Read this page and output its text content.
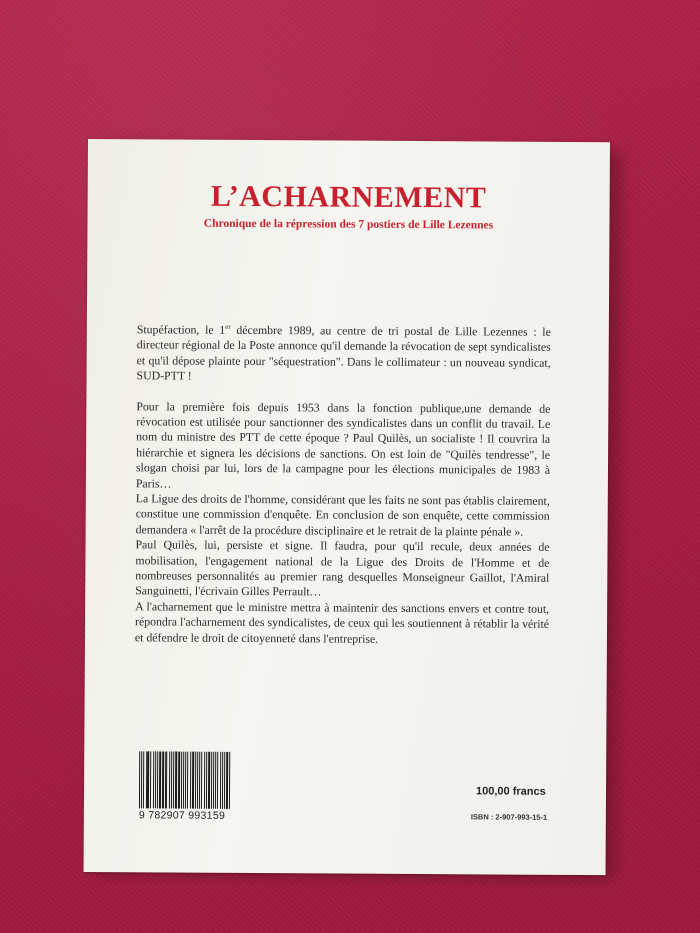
L’ACHARNEMENT
Chronique de la répression des 7 postiers de Lille Lezennes

Stupéfaction, le 1er décembre 1989, au centre de tri postal de Lille Lezennes : le directeur régional de la Poste annonce qu'il demande la révocation de sept syndicalistes et qu'il dépose plainte pour "séquestration". Dans le collimateur : un nouveau syndicat, SUD-PTT !

Pour la première fois depuis 1953 dans la fonction publique,une demande de révocation est utilisée pour sanctionner des syndicalistes dans un conflit du travail. Le nom du ministre des PTT de cette époque ? Paul Quilès, un socialiste ! Il couvrira la hiérarchie et signera les décisions de sanctions. On est loin de "Quilès tendresse", le slogan choisi par lui, lors de la campagne pour les élections municipales de 1983 à Paris…

La Ligue des droits de l'homme, considérant que les faits ne sont pas établis clairement, constitue une commission d'enquête. En conclusion de son enquête, cette commission demandera « l'arrêt de la procédure disciplinaire et le retrait de la plainte pénale ».

Paul Quilès, lui, persiste et signe. Il faudra, pour qu'il recule, deux années de mobilisation, l'engagement national de la Ligue des Droits de l'Homme et de nombreuses personnalités au premier rang desquelles Monseigneur Gaillot, l'Amiral Sanguinetti, l'écrivain Gilles Perrault…

A l'acharnement que le ministre mettra à maintenir des sanctions envers et contre tout, répondra l'acharnement des syndicalistes, de ceux qui les soutiennent à rétablir la vérité et défendre le droit de citoyenneté dans l'entreprise.

9 782907 993159
100,00 francs
ISBN : 2-907-993-15-1
